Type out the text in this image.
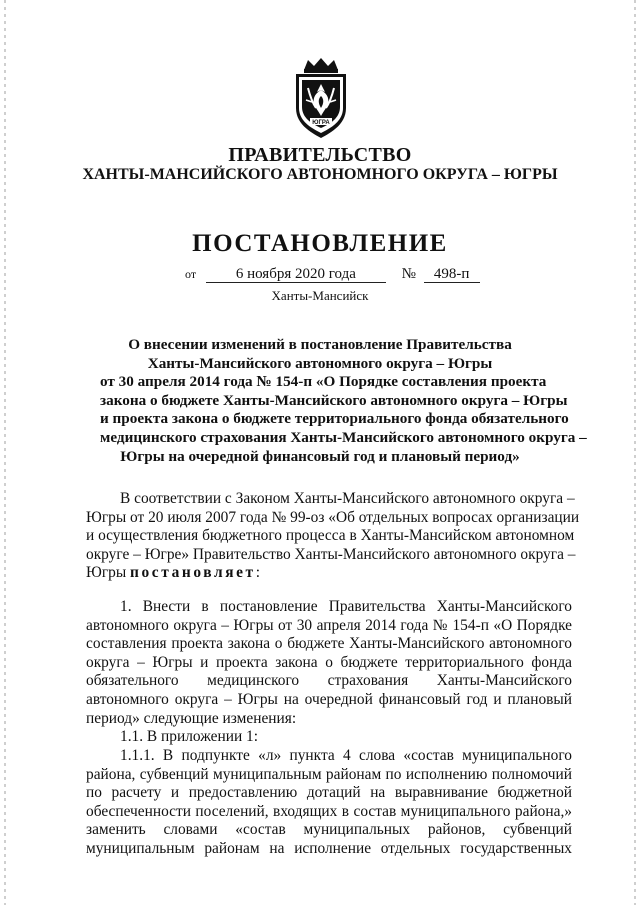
ЮГРА
ПРАВИТЕЛЬСТВО
ХАНТЫ-МАНСИЙСКОГО АВТОНОМНОГО ОКРУГА – ЮГРЫ
ПОСТАНОВЛЕНИЕ
от	6 ноября 2020 года	№ 498-п
Ханты-Мансийск
О внесении изменений в постановление Правительства
Ханты-Мансийского автономного округа – Югры
от 30 апреля 2014 года № 154-п «О Порядке составления проекта
закона о бюджете Ханты-Мансийского автономного округа – Югры
и проекта закона о бюджете территориального фонда обязательного
медицинского страхования Ханты-Мансийского автономного округа –
Югры на очередной финансовый год и плановый период»
В соответствии с Законом Ханты-Мансийского автономного округа –
Югры от 20 июля 2007 года № 99-оз «Об отдельных вопросах организации
и осуществления бюджетного процесса в Ханты-Мансийском автономном
округе – Югре» Правительство Ханты-Мансийского автономного округа –
Югры постановляет:
1. Внести в постановление Правительства Ханты-Мансийского
автономного округа – Югры от 30 апреля 2014 года № 154-п «О Порядке
составления проекта закона о бюджете Ханты-Мансийского автономного
округа – Югры и проекта закона о бюджете территориального фонда
обязательного медицинского страхования Ханты-Мансийского
автономного округа – Югры на очередной финансовый год и плановый
период» следующие изменения:
1.1. В приложении 1:
1.1.1. В подпункте «л» пункта 4 слова «состав муниципального
района, субвенций муниципальным районам по исполнению полномочий
по расчету и предоставлению дотаций на выравнивание бюджетной
обеспеченности поселений, входящих в состав муниципального района,»
заменить словами «состав муниципальных районов, субвенций
муниципальным районам на исполнение отдельных государственных
